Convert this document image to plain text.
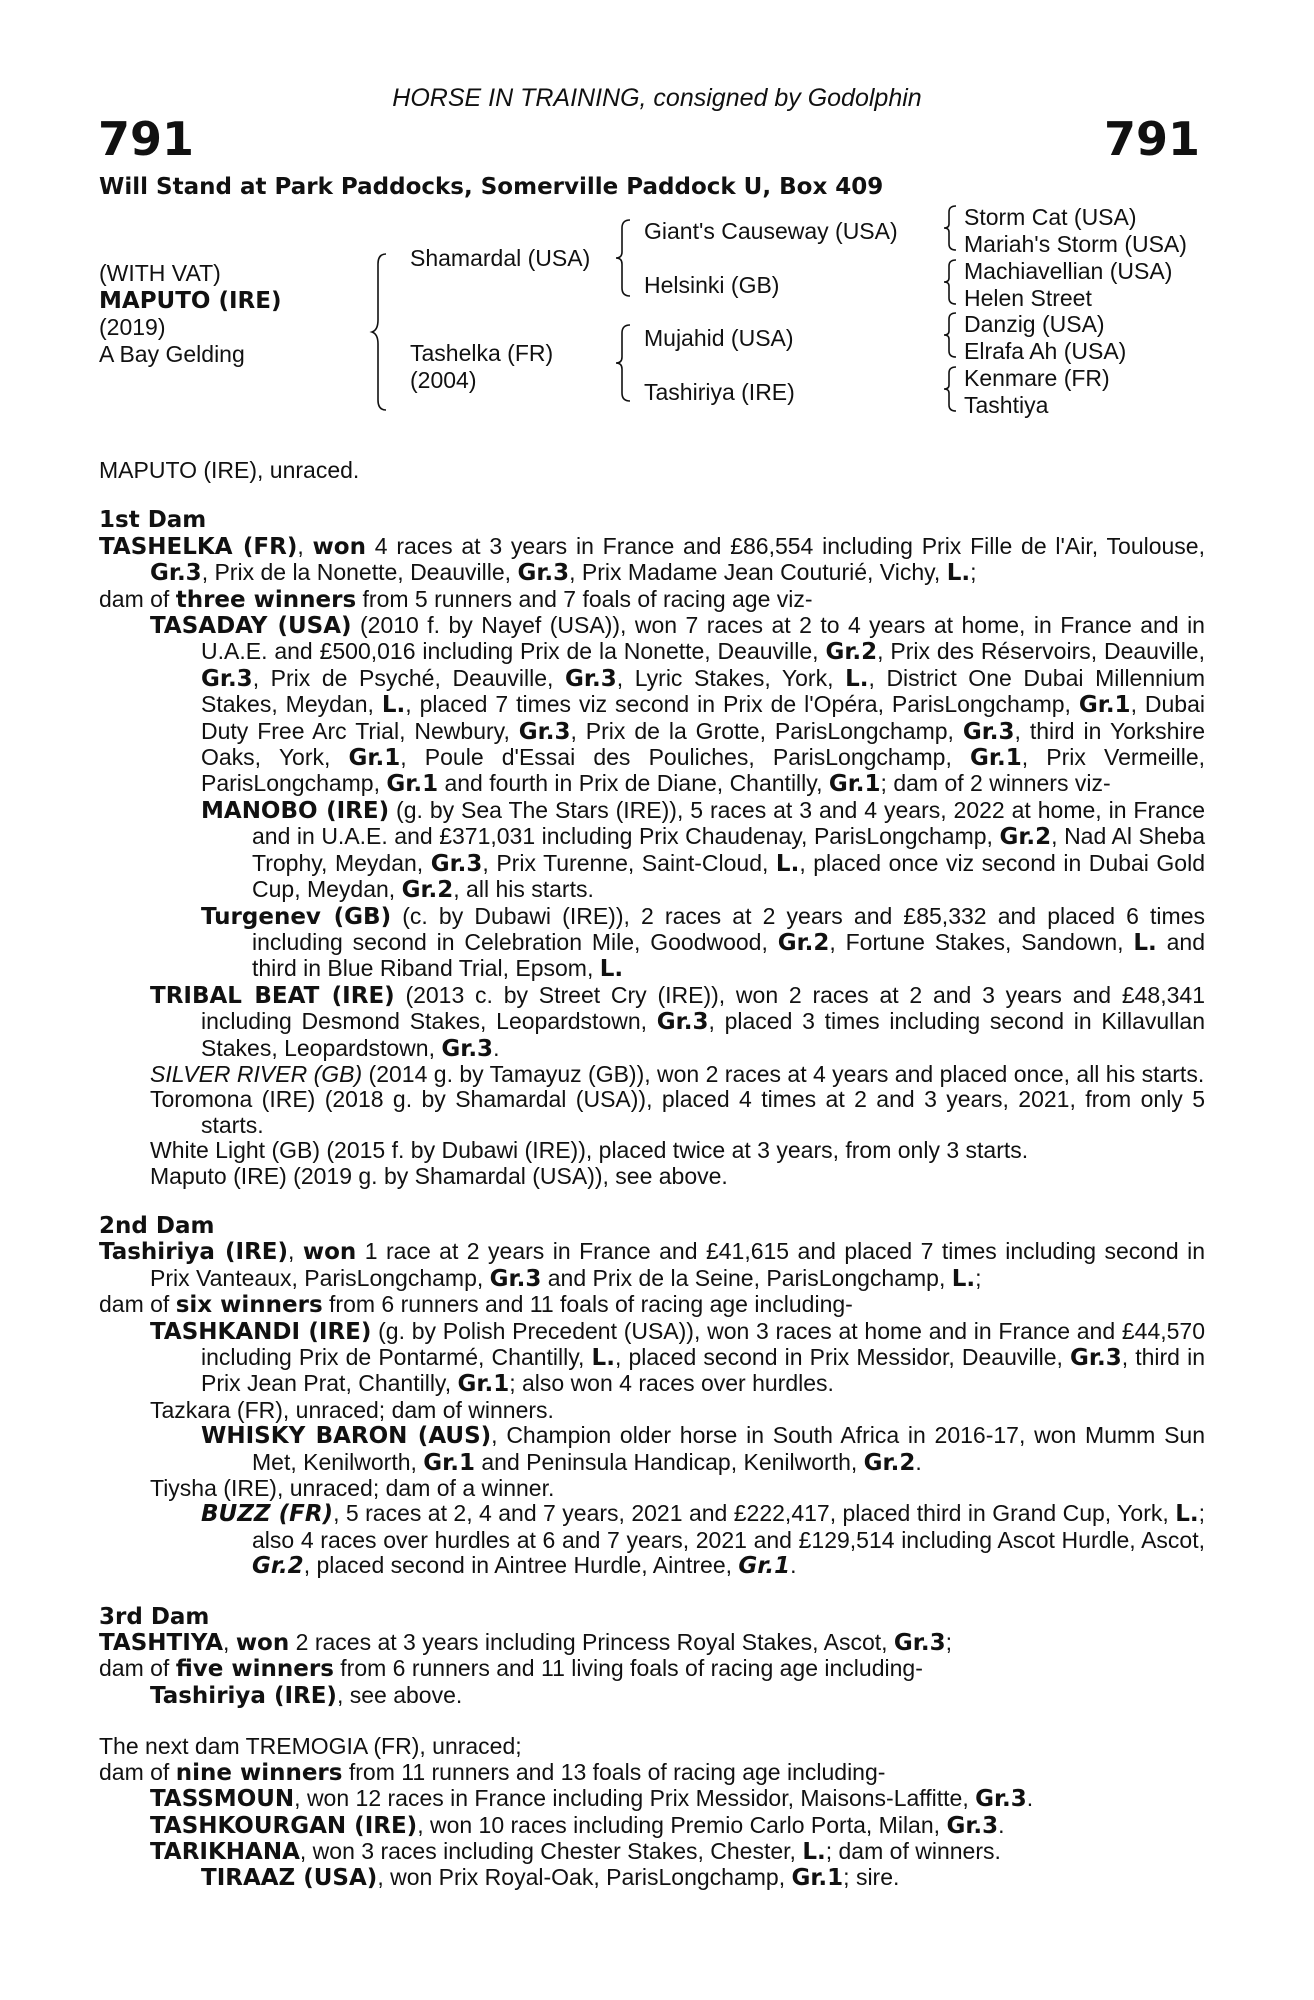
HORSE IN TRAINING, consigned by Godolphin
791	791
Will Stand at Park Paddocks, Somerville Paddock U, Box 409
(WITH VAT)
MAPUTO (IRE)
(2019)
A Bay Gelding
Shamardal (USA)
Tashelka (FR)
(2004)
Giant's Causeway (USA)
Helsinki (GB)
Mujahid (USA)
Tashiriya (IRE)
Storm Cat (USA)
Mariah's Storm (USA)
Machiavellian (USA)
Helen Street
Danzig (USA)
Elrafa Ah (USA)
Kenmare (FR)
Tashtiya
MAPUTO (IRE), unraced.
1st Dam
TASHELKA (FR), won 4 races at 3 years in France and £86,554 including Prix Fille de l'Air, Toulouse, Gr.3, Prix de la Nonette, Deauville, Gr.3, Prix Madame Jean Couturié, Vichy, L.;
dam of three winners from 5 runners and 7 foals of racing age viz-
TASADAY (USA) (2010 f. by Nayef (USA)), won 7 races at 2 to 4 years at home, in France and in U.A.E. and £500,016 including Prix de la Nonette, Deauville, Gr.2, Prix des Réservoirs, Deauville, Gr.3, Prix de Psyché, Deauville, Gr.3, Lyric Stakes, York, L., District One Dubai Millennium Stakes, Meydan, L., placed 7 times viz second in Prix de l'Opéra, ParisLongchamp, Gr.1, Dubai Duty Free Arc Trial, Newbury, Gr.3, Prix de la Grotte, ParisLongchamp, Gr.3, third in Yorkshire Oaks, York, Gr.1, Poule d'Essai des Pouliches, ParisLongchamp, Gr.1, Prix Vermeille, ParisLongchamp, Gr.1 and fourth in Prix de Diane, Chantilly, Gr.1; dam of 2 winners viz-
MANOBO (IRE) (g. by Sea The Stars (IRE)), 5 races at 3 and 4 years, 2022 at home, in France and in U.A.E. and £371,031 including Prix Chaudenay, ParisLongchamp, Gr.2, Nad Al Sheba Trophy, Meydan, Gr.3, Prix Turenne, Saint-Cloud, L., placed once viz second in Dubai Gold Cup, Meydan, Gr.2, all his starts.
Turgenev (GB) (c. by Dubawi (IRE)), 2 races at 2 years and £85,332 and placed 6 times including second in Celebration Mile, Goodwood, Gr.2, Fortune Stakes, Sandown, L. and third in Blue Riband Trial, Epsom, L.
TRIBAL BEAT (IRE) (2013 c. by Street Cry (IRE)), won 2 races at 2 and 3 years and £48,341 including Desmond Stakes, Leopardstown, Gr.3, placed 3 times including second in Killavullan Stakes, Leopardstown, Gr.3.
SILVER RIVER (GB) (2014 g. by Tamayuz (GB)), won 2 races at 4 years and placed once, all his starts.
Toromona (IRE) (2018 g. by Shamardal (USA)), placed 4 times at 2 and 3 years, 2021, from only 5 starts.
White Light (GB) (2015 f. by Dubawi (IRE)), placed twice at 3 years, from only 3 starts.
Maputo (IRE) (2019 g. by Shamardal (USA)), see above.
2nd Dam
Tashiriya (IRE), won 1 race at 2 years in France and £41,615 and placed 7 times including second in Prix Vanteaux, ParisLongchamp, Gr.3 and Prix de la Seine, ParisLongchamp, L.;
dam of six winners from 6 runners and 11 foals of racing age including-
TASHKANDI (IRE) (g. by Polish Precedent (USA)), won 3 races at home and in France and £44,570 including Prix de Pontarmé, Chantilly, L., placed second in Prix Messidor, Deauville, Gr.3, third in Prix Jean Prat, Chantilly, Gr.1; also won 4 races over hurdles.
Tazkara (FR), unraced; dam of winners.
WHISKY BARON (AUS), Champion older horse in South Africa in 2016-17, won Mumm Sun Met, Kenilworth, Gr.1 and Peninsula Handicap, Kenilworth, Gr.2.
Tiysha (IRE), unraced; dam of a winner.
BUZZ (FR), 5 races at 2, 4 and 7 years, 2021 and £222,417, placed third in Grand Cup, York, L.; also 4 races over hurdles at 6 and 7 years, 2021 and £129,514 including Ascot Hurdle, Ascot, Gr.2, placed second in Aintree Hurdle, Aintree, Gr.1.
3rd Dam
TASHTIYA, won 2 races at 3 years including Princess Royal Stakes, Ascot, Gr.3;
dam of five winners from 6 runners and 11 living foals of racing age including-
Tashiriya (IRE), see above.
The next dam TREMOGIA (FR), unraced;
dam of nine winners from 11 runners and 13 foals of racing age including-
TASSMOUN, won 12 races in France including Prix Messidor, Maisons-Laffitte, Gr.3.
TASHKOURGAN (IRE), won 10 races including Premio Carlo Porta, Milan, Gr.3.
TARIKHANA, won 3 races including Chester Stakes, Chester, L.; dam of winners.
TIRAAZ (USA), won Prix Royal-Oak, ParisLongchamp, Gr.1; sire.
